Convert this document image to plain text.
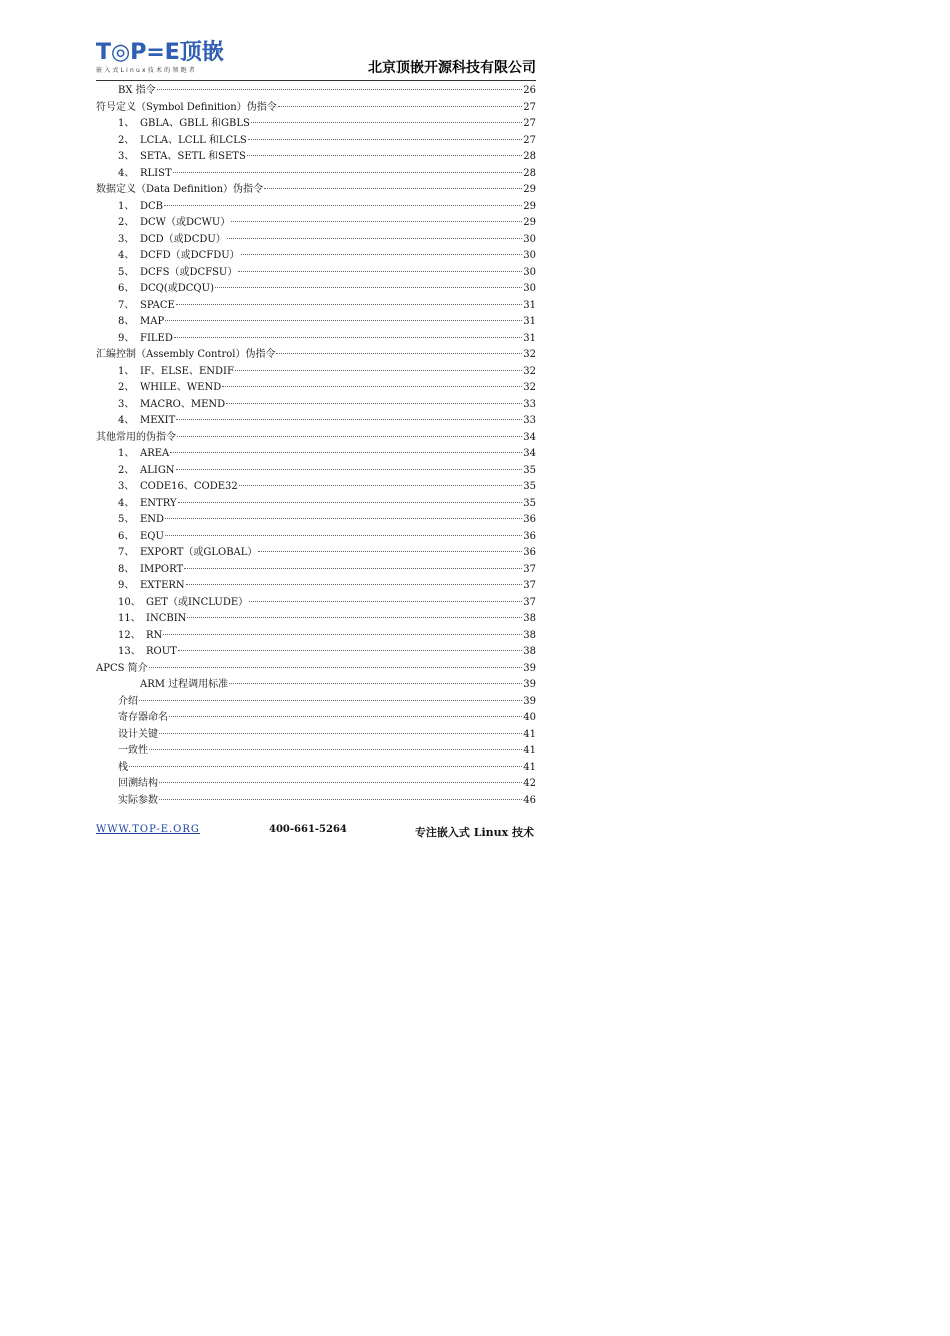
T◎P=E顶嵌
嵌入式Linux技术的领跑者	北京顶嵌开源科技有限公司
BX 指令	26
符号定义（Symbol Definition）伪指令	27
1、 GBLA、GBLL 和GBLS	27
2、 LCLA、LCLL 和LCLS	27
3、 SETA、SETL 和SETS	28
4、 RLIST	28
数据定义（Data Definition）伪指令	29
1、 DCB	29
2、 DCW（或DCWU）	29
3、 DCD（或DCDU）	30
4、 DCFD（或DCFDU）	30
5、 DCFS（或DCFSU）	30
6、 DCQ(或DCQU)	30
7、 SPACE	31
8、 MAP	31
9、 FILED	31
汇编控制（Assembly Control）伪指令	32
1、 IF、ELSE、ENDIF	32
2、 WHILE、WEND	32
3、 MACRO、MEND	33
4、 MEXIT	33
其他常用的伪指令	34
1、 AREA	34
2、 ALIGN	35
3、 CODE16、CODE32	35
4、 ENTRY	35
5、 END	36
6、 EQU	36
7、 EXPORT（或GLOBAL）	36
8、 IMPORT	37
9、 EXTERN	37
10、 GET（或INCLUDE）	37
11、 INCBIN	38
12、 RN	38
13、 ROUT	38
APCS 简介	39
ARM 过程调用标准	39
介绍	39
寄存器命名	40
设计关键	41
一致性	41
栈	41
回溯结构	42
实际参数	46
WWW.TOP-E.ORG	400-661-5264	专注嵌入式 Linux 技术
